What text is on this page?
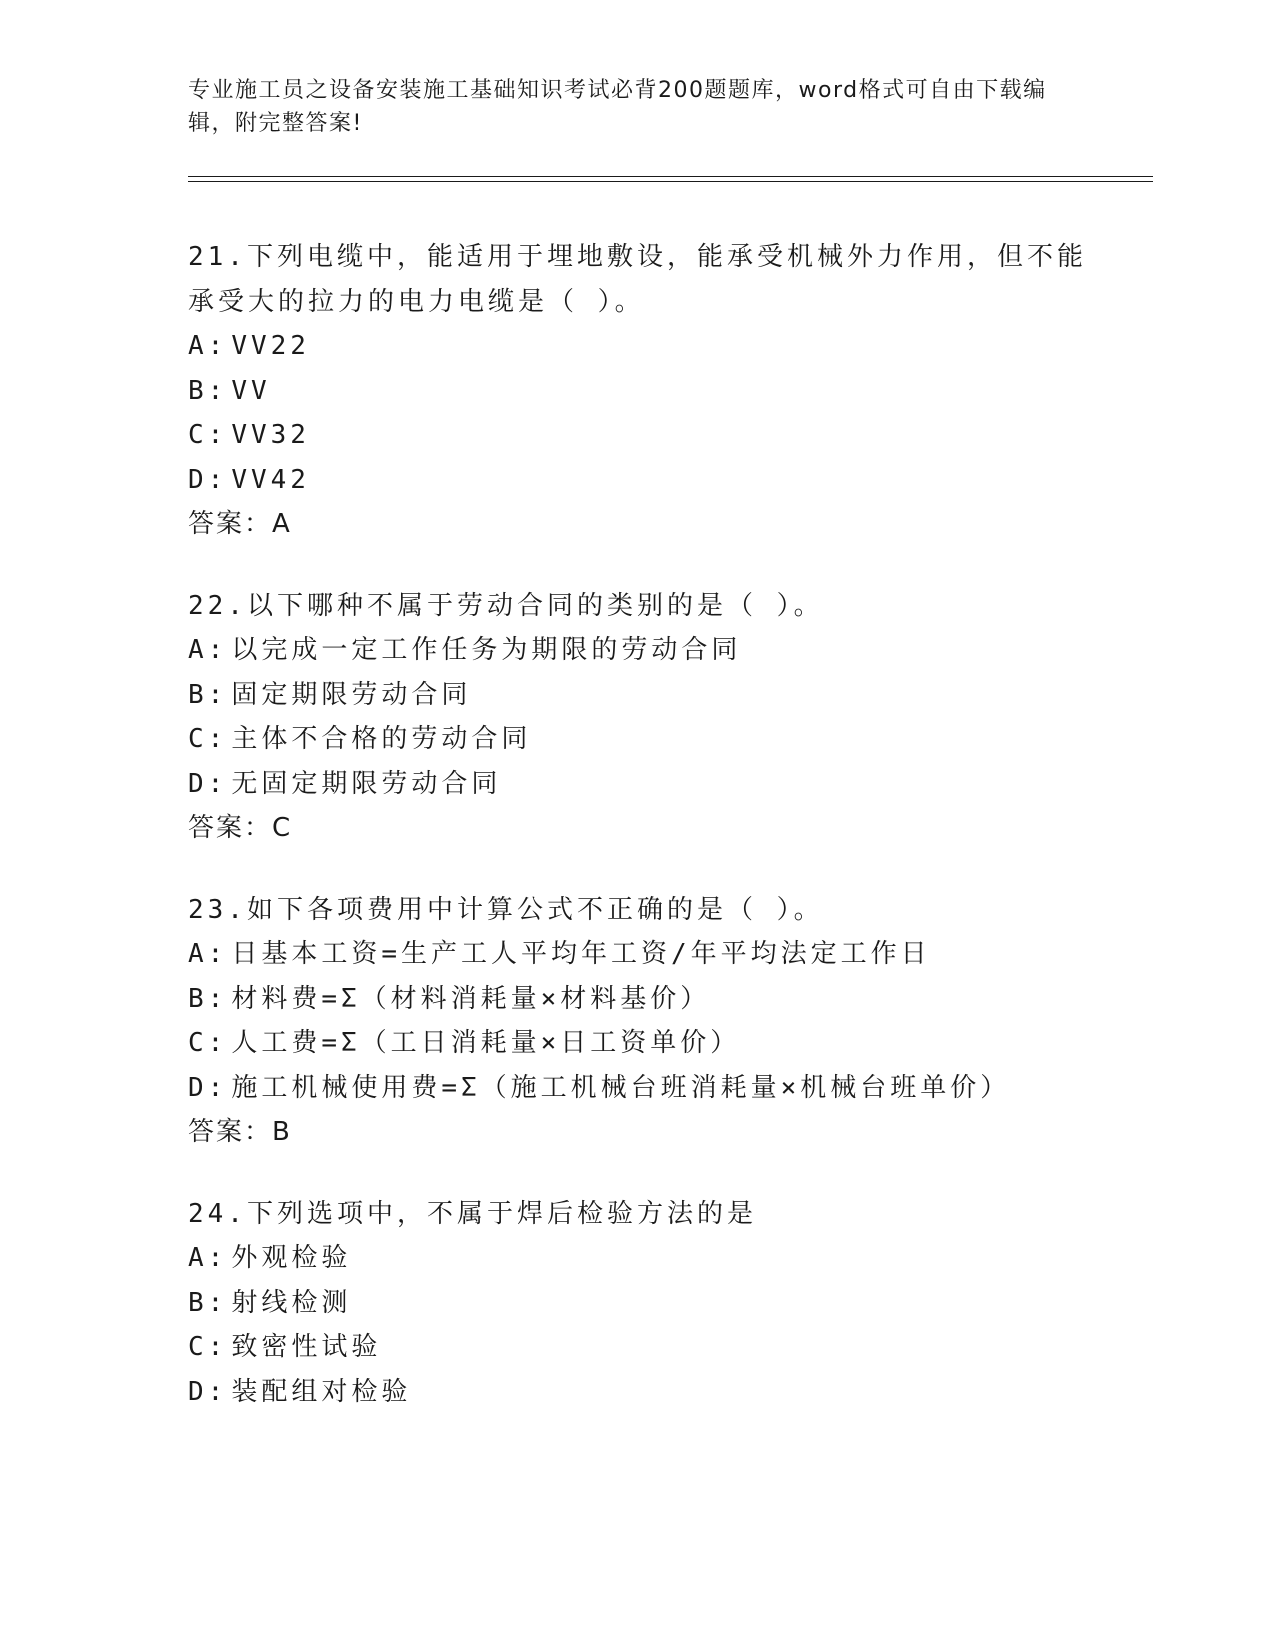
专业施工员之设备安装施工基础知识考试必背200题题库，word格式可自由下载编辑，附完整答案!

21.下列电缆中，能适用于埋地敷设，能承受机械外力作用，但不能承受大的拉力的电力电缆是（ ）。

A: VV22
B: VV
C: VV32
D: VV42
答案：A

22.以下哪种不属于劳动合同的类别的是（ ）。

A: 以完成一定工作任务为期限的劳动合同
B: 固定期限劳动合同
C: 主体不合格的劳动合同
D: 无固定期限劳动合同
答案：C

23.如下各项费用中计算公式不正确的是（ ）。

A: 日基本工资=生产工人平均年工资/年平均法定工作日
B: 材料费=Σ（材料消耗量×材料基价）
C: 人工费=Σ（工日消耗量×日工资单价）
D: 施工机械使用费=Σ（施工机械台班消耗量×机械台班单价）
答案：B

24.下列选项中，不属于焊后检验方法的是

A: 外观检验
B: 射线检测
C: 致密性试验
D: 装配组对检验
